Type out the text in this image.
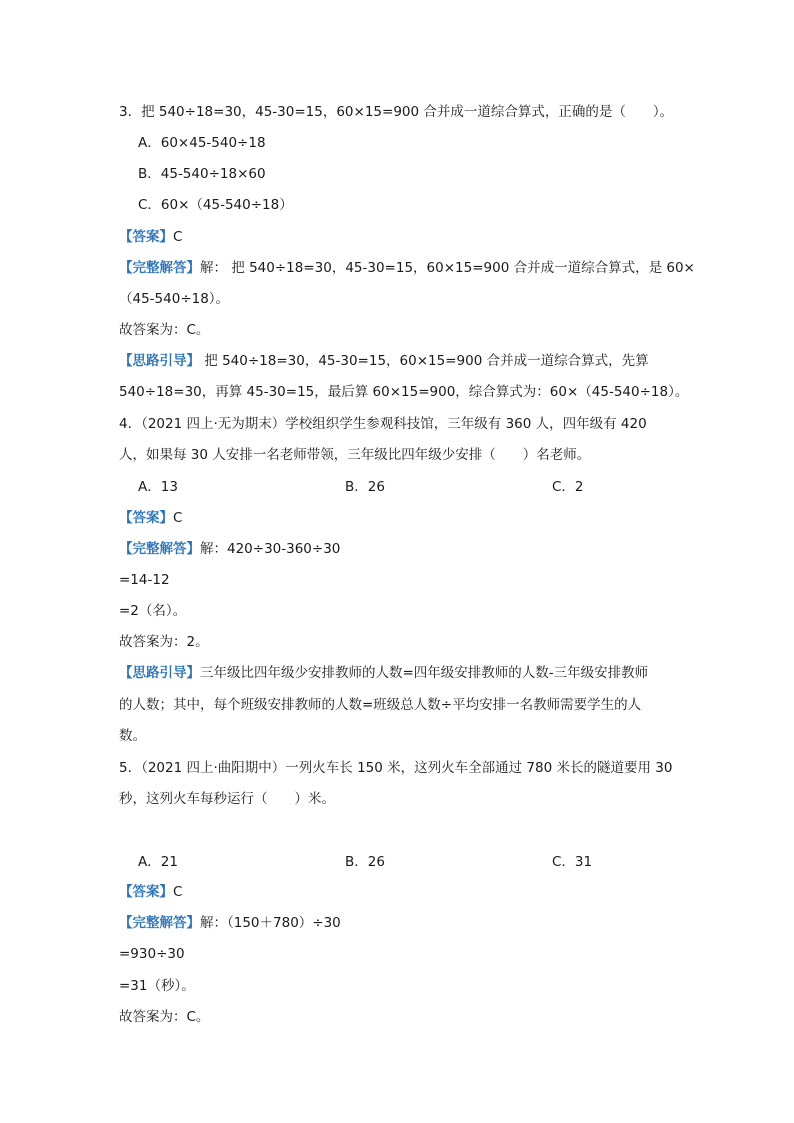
3．把 540÷18=30，45-30=15，60×15=900 合并成一道综合算式，正确的是（　　）。
A．60×45-540÷18
B．45-540÷18×60
C．60×（45-540÷18）
【答案】C
【完整解答】解： 把 540÷18=30，45-30=15，60×15=900 合并成一道综合算式，是 60×
（45-540÷18）。
故答案为：C。
【思路引导】 把 540÷18=30，45-30=15，60×15=900 合并成一道综合算式，先算
540÷18=30，再算 45-30=15，最后算 60×15=900，综合算式为：60×（45-540÷18）。
4．（2021 四上·无为期末）学校组织学生参观科技馆，三年级有 360 人，四年级有 420
人，如果每 30 人安排一名老师带领，三年级比四年级少安排（　　）名老师。
A．13	B．26	C．2
【答案】C
【完整解答】解：420÷30-360÷30
=14-12
=2（名）。
故答案为：2。
【思路引导】三年级比四年级少安排教师的人数=四年级安排教师的人数-三年级安排教师
的人数；其中，每个班级安排教师的人数=班级总人数÷平均安排一名教师需要学生的人
数。
5．（2021 四上·曲阳期中）一列火车长 150 米，这列火车全部通过 780 米长的隧道要用 30
秒，这列火车每秒运行（　　）米。
A．21	B．26	C．31
【答案】C
【完整解答】解：（150＋780）÷30
=930÷30
=31（秒）。
故答案为：C。
